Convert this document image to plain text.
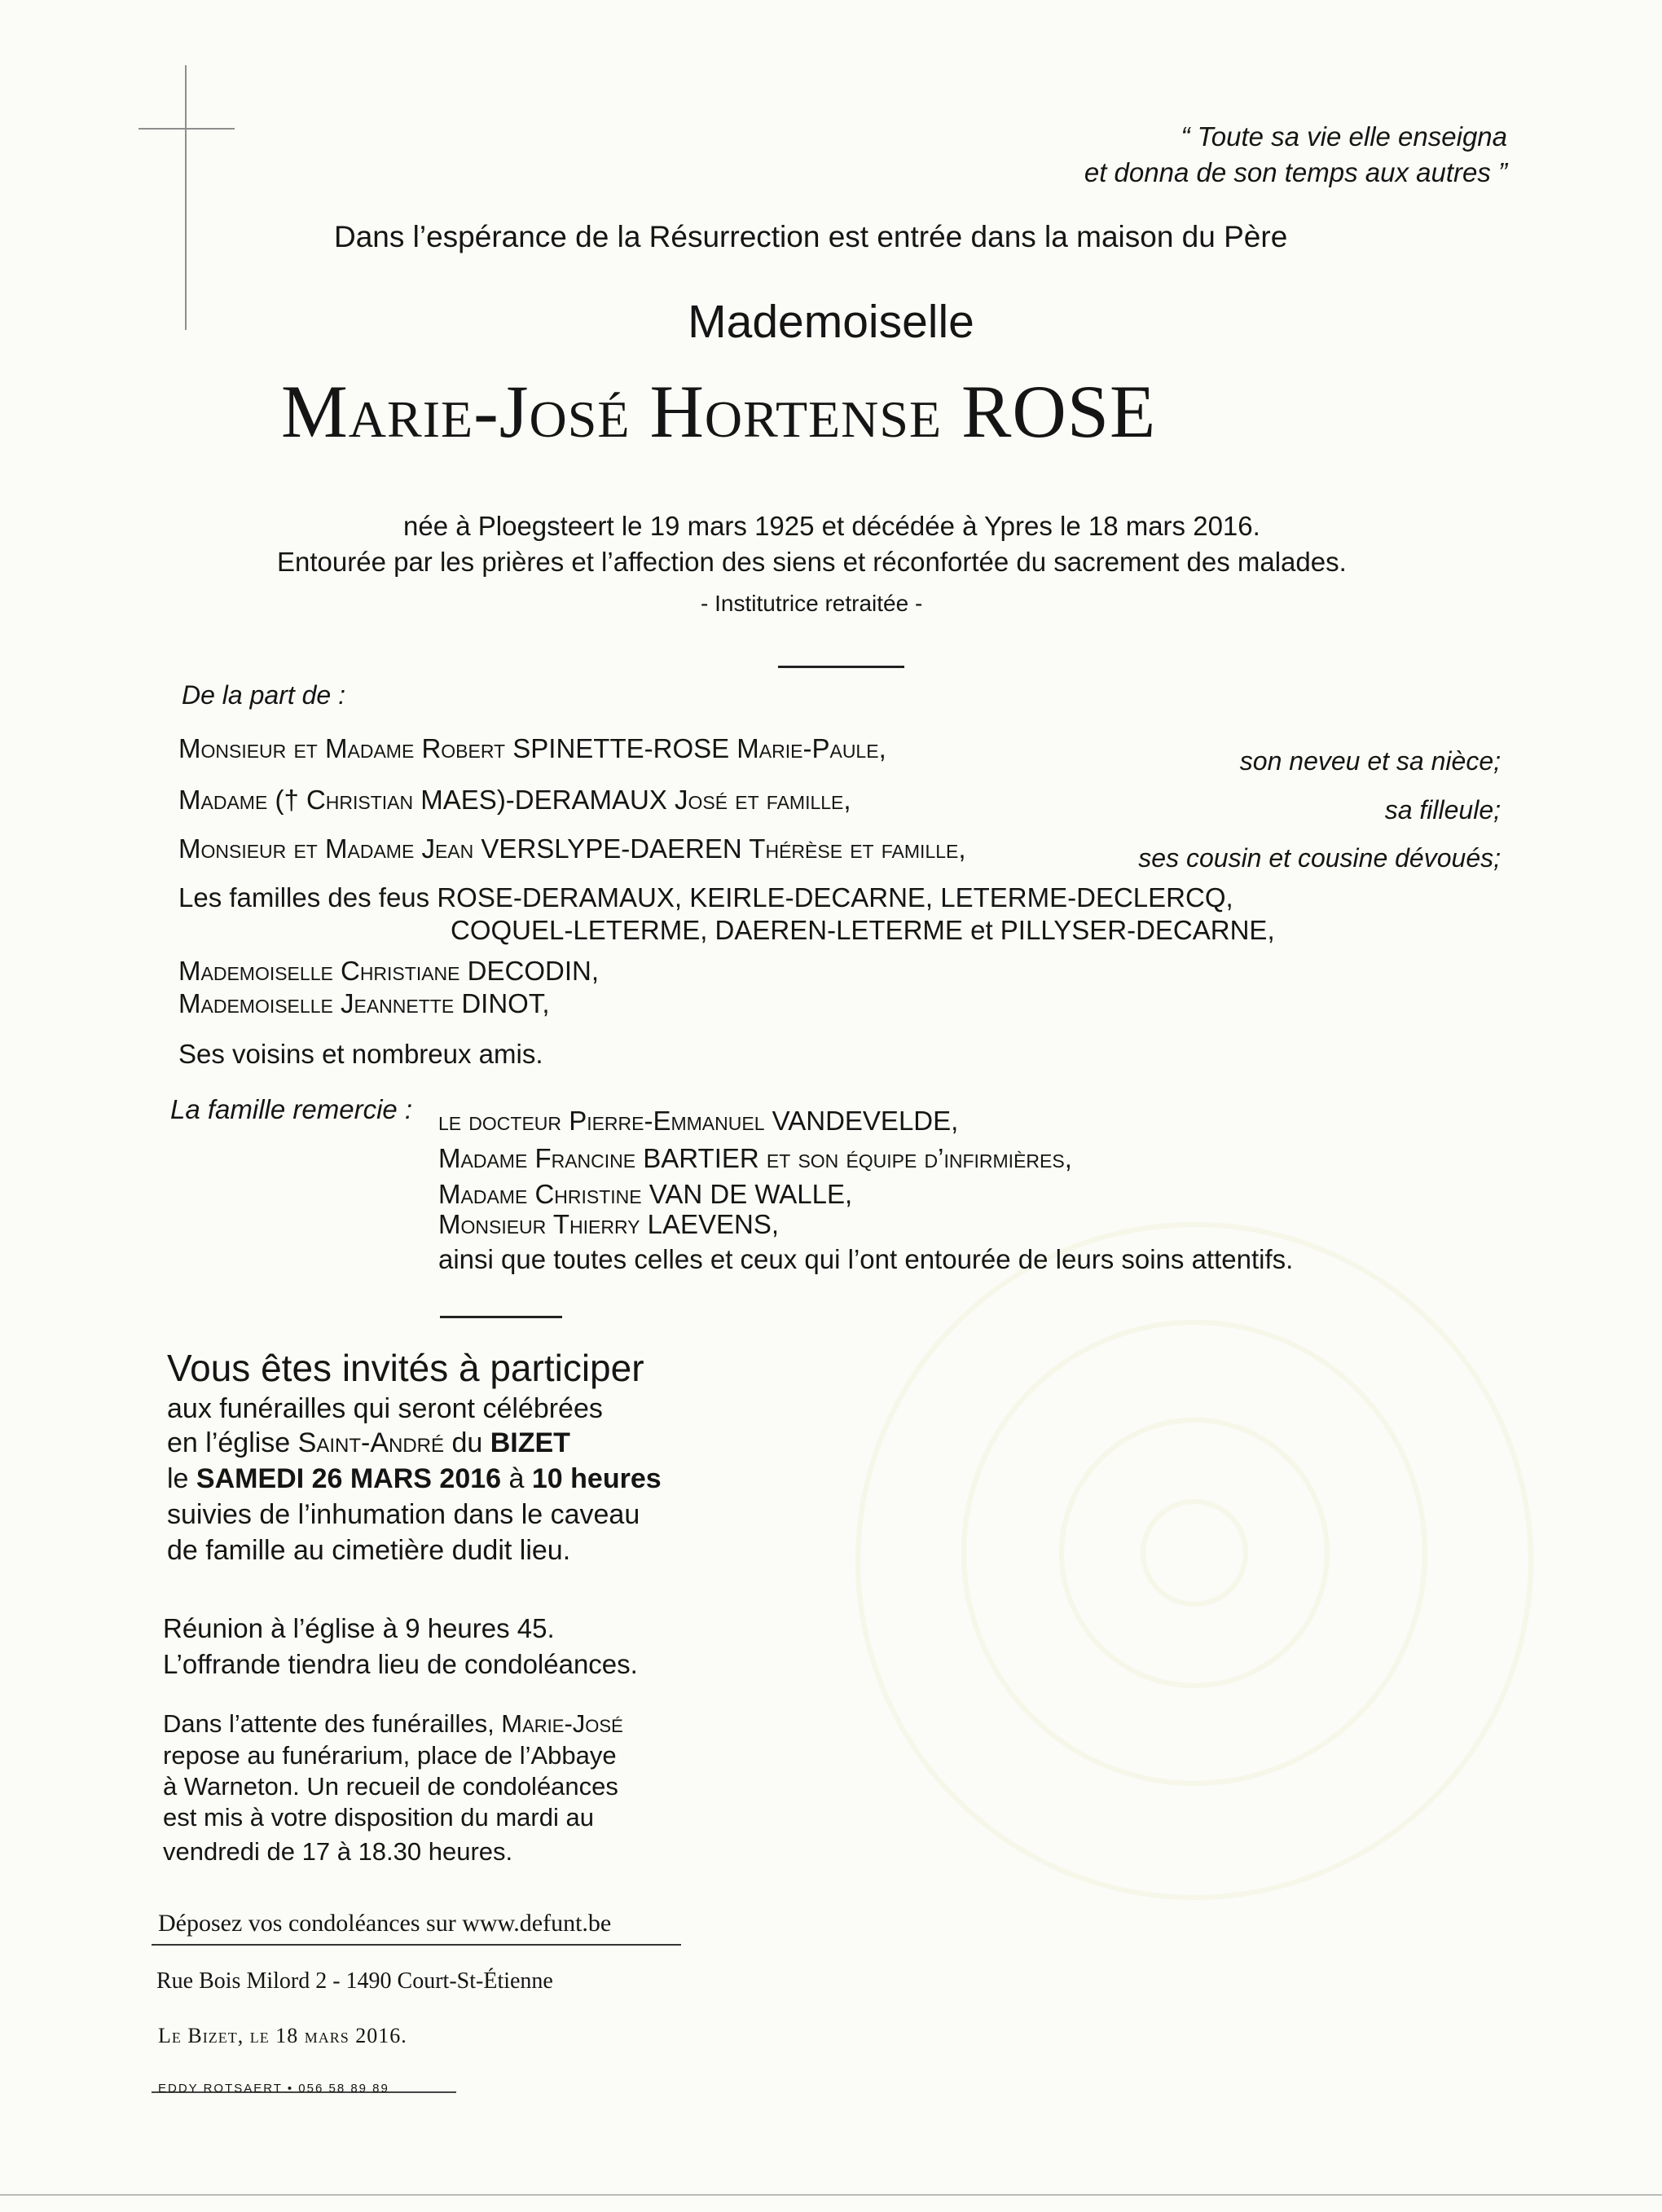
“ Toute sa vie elle enseigna
et donna de son temps aux autres ”
Dans l’espérance de la Résurrection est entrée dans la maison du Père
Mademoiselle
Marie-José Hortense ROSE
née à Ploegsteert le 19 mars 1925 et décédée à Ypres le 18 mars 2016.
Entourée par les prières et l’affection des siens et réconfortée du sacrement des malades.
- Institutrice retraitée -
De la part de :
Monsieur et Madame Robert SPINETTE-ROSE Marie-Paule,	son neveu et sa nièce;
Madame († Christian MAES)-DERAMAUX José et famille,	sa filleule;
Monsieur et Madame Jean VERSLYPE-DAEREN Thérèse et famille,	ses cousin et cousine dévoués;
Les familles des feus ROSE-DERAMAUX, KEIRLE-DECARNE, LETERME-DECLERCQ,
COQUEL-LETERME, DAEREN-LETERME et PILLYSER-DECARNE,
Mademoiselle Christiane DECODIN,
Mademoiselle Jeannette DINOT,
Ses voisins et nombreux amis.
La famille remercie : le docteur Pierre-Emmanuel VANDEVELDE,
Madame Francine BARTIER et son équipe d’infirmières,
Madame Christine VAN DE WALLE,
Monsieur Thierry LAEVENS,
ainsi que toutes celles et ceux qui l’ont entourée de leurs soins attentifs.
Vous êtes invités à participer
aux funérailles qui seront célébrées
en l’église Saint-André du BIZET
le SAMEDI 26 MARS 2016 à 10 heures
suivies de l’inhumation dans le caveau
de famille au cimetière dudit lieu.
Réunion à l’église à 9 heures 45.
L’offrande tiendra lieu de condoléances.
Dans l’attente des funérailles, Marie-José
repose au funérarium, place de l’Abbaye
à Warneton. Un recueil de condoléances
est mis à votre disposition du mardi au
vendredi de 17 à 18.30 heures.
Déposez vos condoléances sur www.defunt.be
Rue Bois Milord 2 - 1490 Court-St-Étienne
Le Bizet, le 18 mars 2016.
EDDY ROTSAERT • 056 58 89 89
